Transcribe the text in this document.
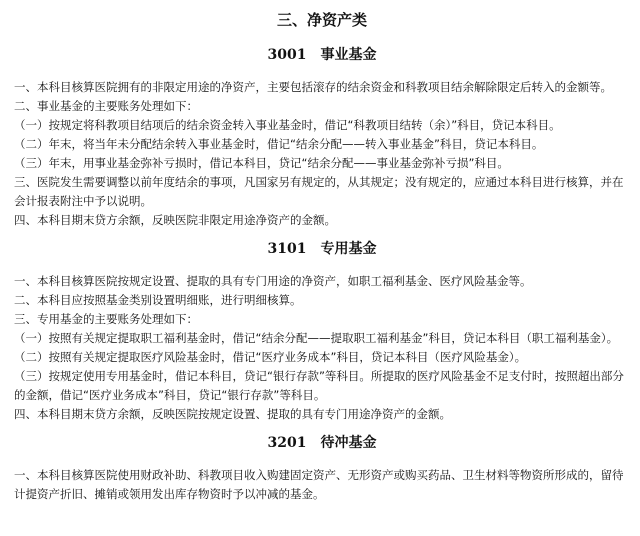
三、净资产类
3001 事业基金

一、本科目核算医院拥有的非限定用途的净资产，主要包括滚存的结余资金和科教项目结余解除限定后转入的金额等。

二、事业基金的主要账务处理如下：

（一）按规定将科教项目结项后的结余资金转入事业基金时，借记“科教项目结转（余）”科目，贷记本科目。

（二）年末，将当年未分配结余转入事业基金时，借记“结余分配——转入事业基金”科目，贷记本科目。

（三）年末，用事业基金弥补亏损时，借记本科目，贷记“结余分配——事业基金弥补亏损”科目。

三、医院发生需要调整以前年度结余的事项，凡国家另有规定的，从其规定；没有规定的，应通过本科目进行核算，并在会计报表附注中予以说明。

四、本科目期末贷方余额，反映医院非限定用途净资产的金额。

3101 专用基金

一、本科目核算医院按规定设置、提取的具有专门用途的净资产，如职工福利基金、医疗风险基金等。

二、本科目应按照基金类别设置明细账，进行明细核算。

三、专用基金的主要账务处理如下：

（一）按照有关规定提取职工福利基金时，借记“结余分配——提取职工福利基金”科目，贷记本科目（职工福利基金）。

（二）按照有关规定提取医疗风险基金时，借记“医疗业务成本”科目，贷记本科目（医疗风险基金）。

（三）按规定使用专用基金时，借记本科目，贷记“银行存款”等科目。所提取的医疗风险基金不足支付时，按照超出部分的金额，借记“医疗业务成本”科目，贷记“银行存款”等科目。

四、本科目期末贷方余额，反映医院按规定设置、提取的具有专门用途净资产的金额。

3201 待冲基金

一、本科目核算医院使用财政补助、科教项目收入购建固定资产、无形资产或购买药品、卫生材料等物资所形成的，留待计提资产折旧、摊销或领用发出库存物资时予以冲减的基金。
